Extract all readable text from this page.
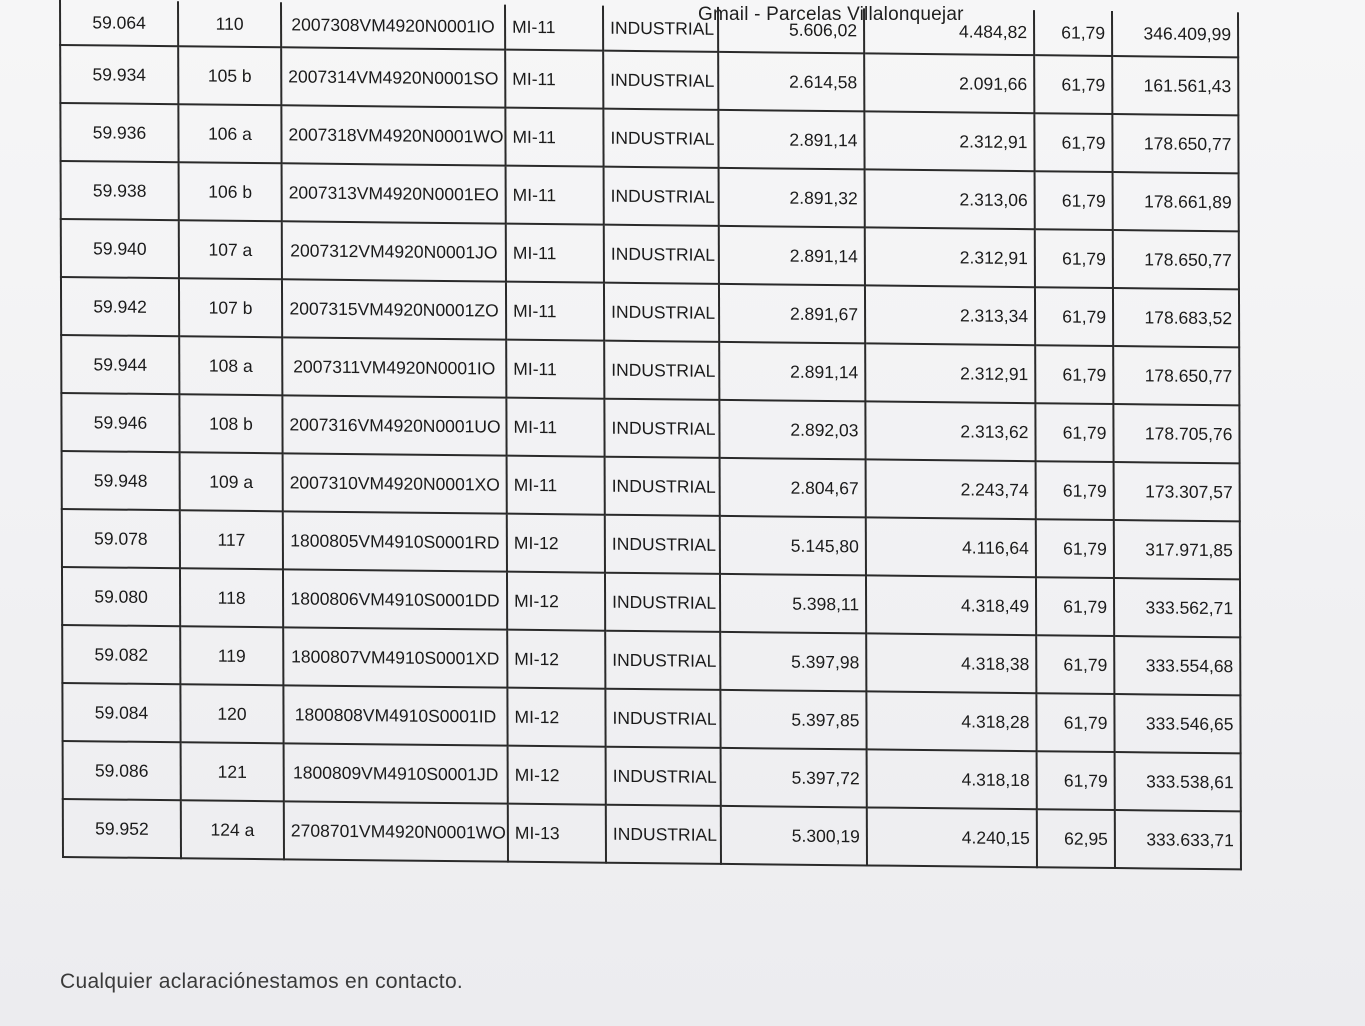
Gmail - Parcelas Villalonquejar
59.064	110	2007308VM4920N0001IO	MI-11	INDUSTRIAL	5.606,02	4.484,82	61,79	346.409,99
59.934	105 b	2007314VM4920N0001SO	MI-11	INDUSTRIAL	2.614,58	2.091,66	61,79	161.561,43
59.936	106 a	2007318VM4920N0001WO	MI-11	INDUSTRIAL	2.891,14	2.312,91	61,79	178.650,77
59.938	106 b	2007313VM4920N0001EO	MI-11	INDUSTRIAL	2.891,32	2.313,06	61,79	178.661,89
59.940	107 a	2007312VM4920N0001JO	MI-11	INDUSTRIAL	2.891,14	2.312,91	61,79	178.650,77
59.942	107 b	2007315VM4920N0001ZO	MI-11	INDUSTRIAL	2.891,67	2.313,34	61,79	178.683,52
59.944	108 a	2007311VM4920N0001IO	MI-11	INDUSTRIAL	2.891,14	2.312,91	61,79	178.650,77
59.946	108 b	2007316VM4920N0001UO	MI-11	INDUSTRIAL	2.892,03	2.313,62	61,79	178.705,76
59.948	109 a	2007310VM4920N0001XO	MI-11	INDUSTRIAL	2.804,67	2.243,74	61,79	173.307,57
59.078	117	1800805VM4910S0001RD	MI-12	INDUSTRIAL	5.145,80	4.116,64	61,79	317.971,85
59.080	118	1800806VM4910S0001DD	MI-12	INDUSTRIAL	5.398,11	4.318,49	61,79	333.562,71
59.082	119	1800807VM4910S0001XD	MI-12	INDUSTRIAL	5.397,98	4.318,38	61,79	333.554,68
59.084	120	1800808VM4910S0001ID	MI-12	INDUSTRIAL	5.397,85	4.318,28	61,79	333.546,65
59.086	121	1800809VM4910S0001JD	MI-12	INDUSTRIAL	5.397,72	4.318,18	61,79	333.538,61
59.952	124 a	2708701VM4920N0001WO	MI-13	INDUSTRIAL	5.300,19	4.240,15	62,95	333.633,71
Cualquier aclaraciónestamos en contacto.
